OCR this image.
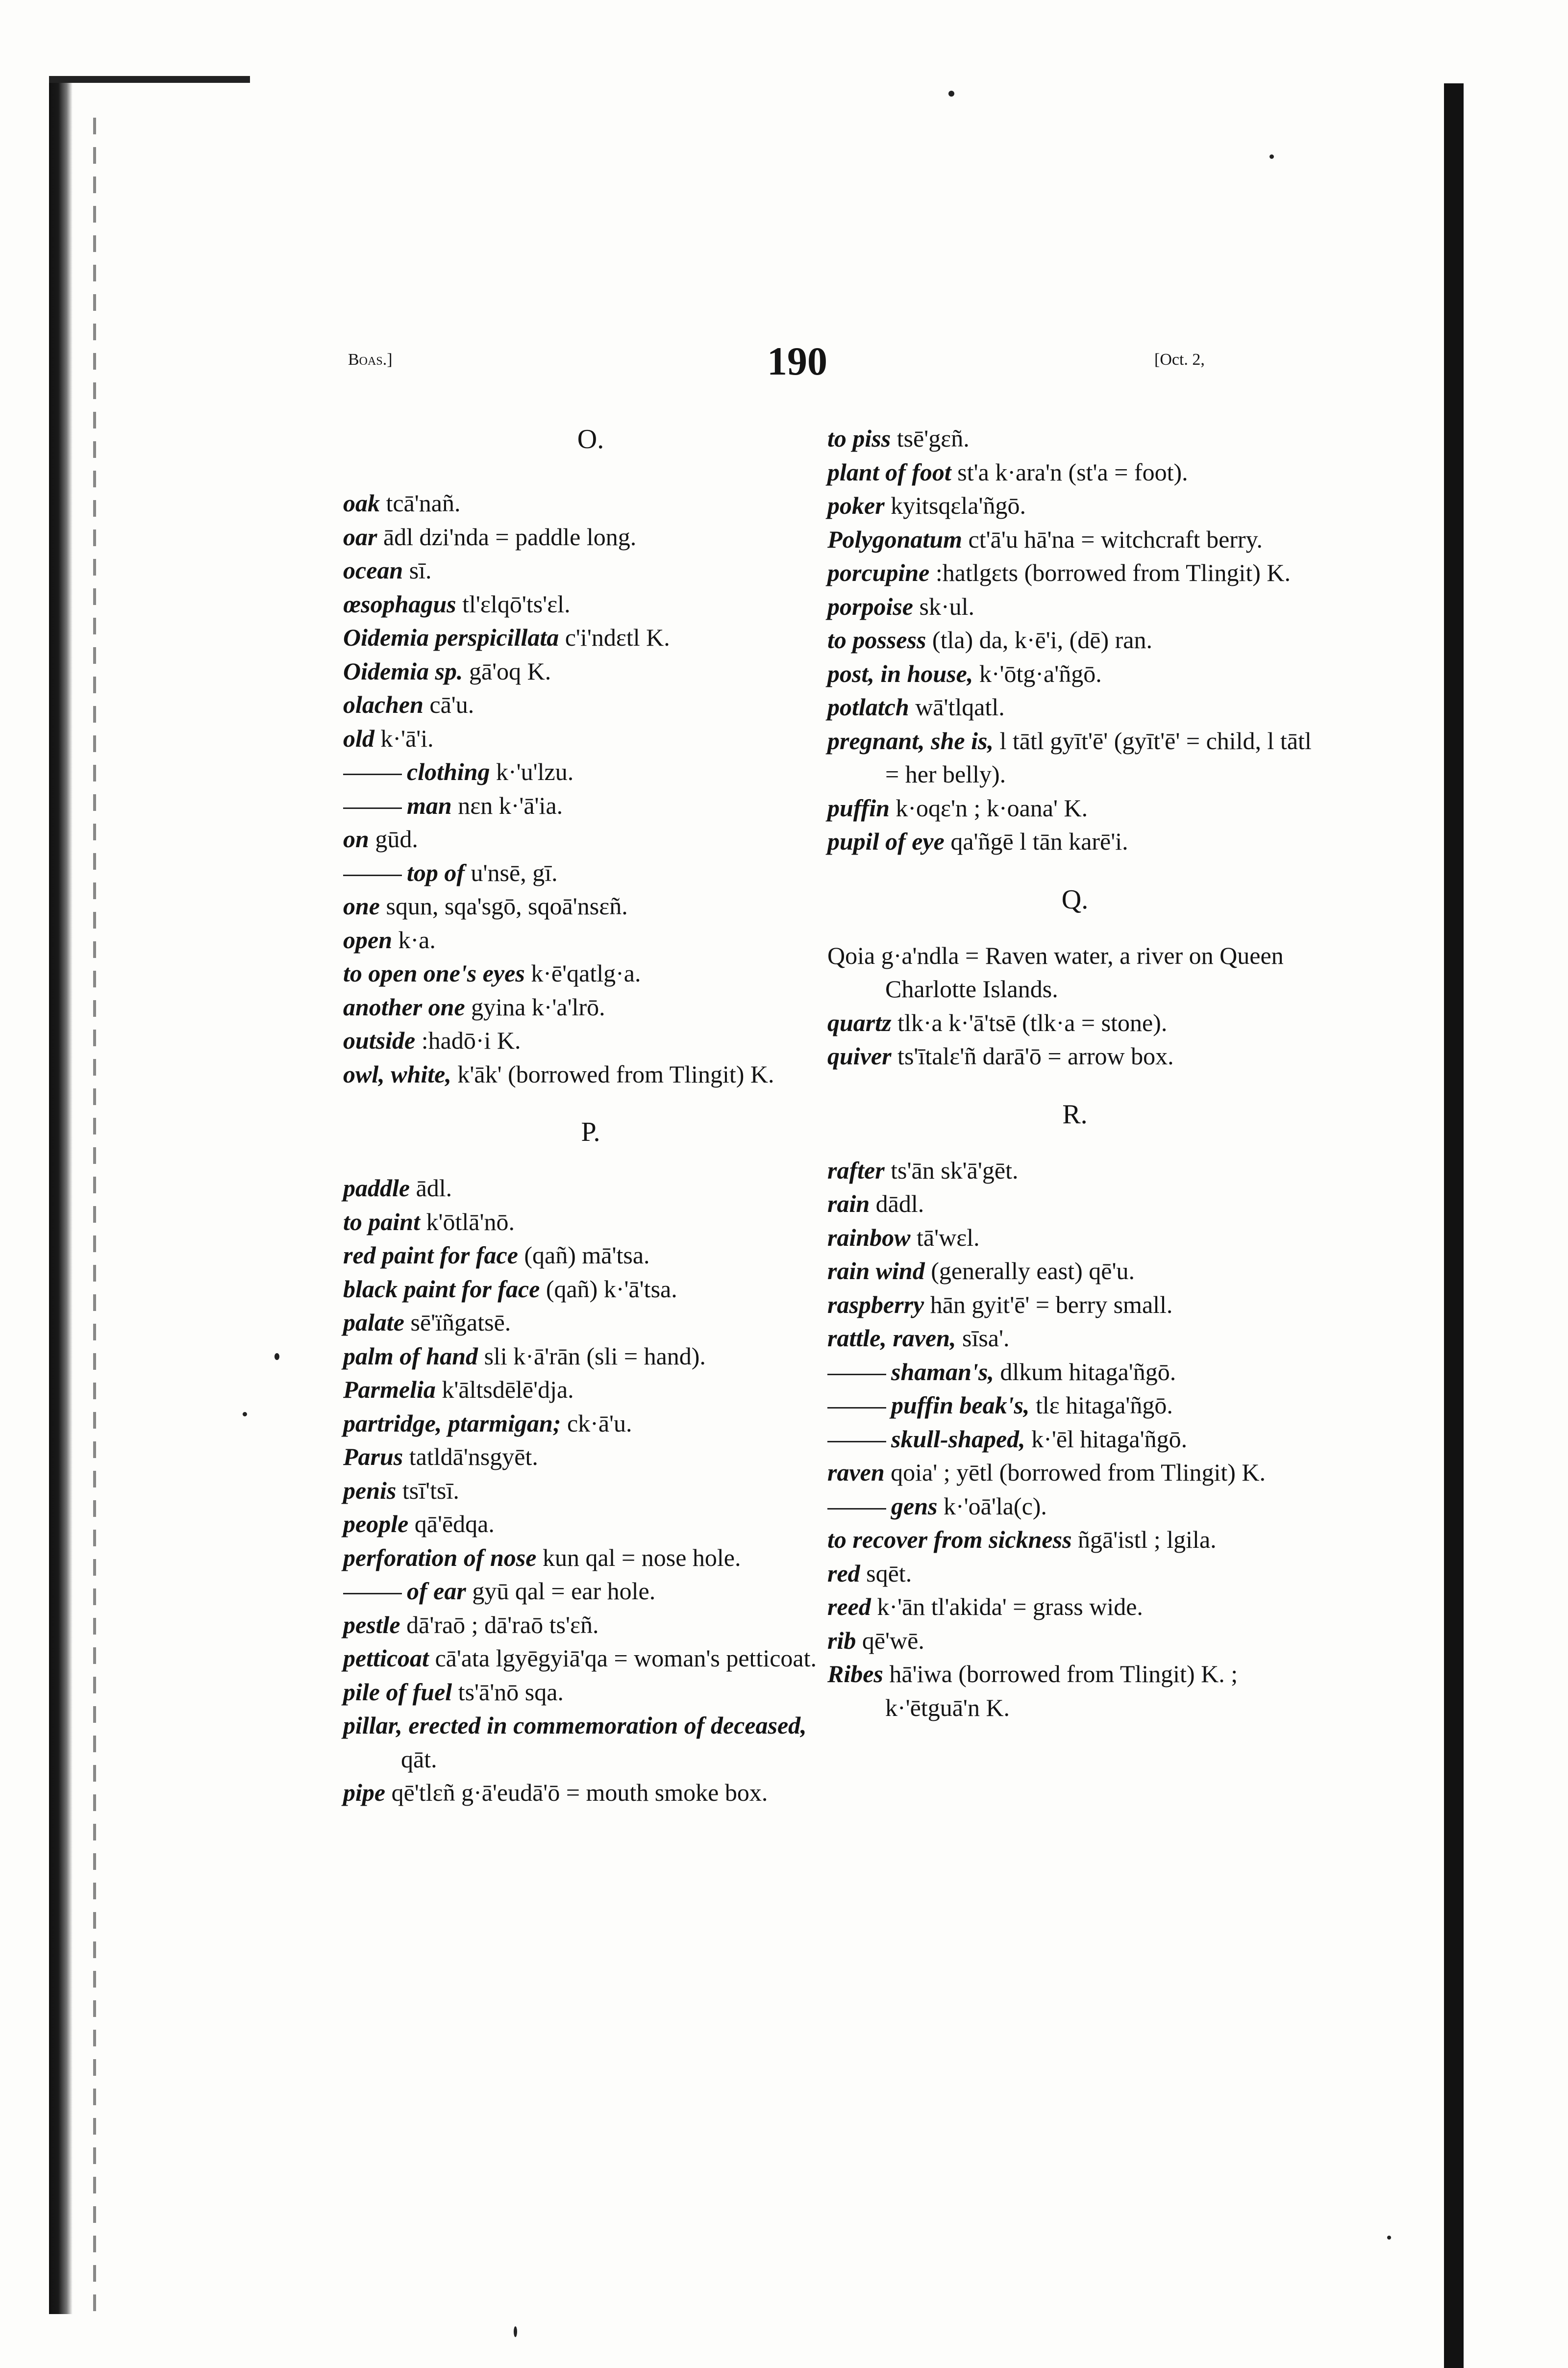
Boas.]	190	[Oct. 2,

O.

oak tcā'nañ.

oar ādl dzi'nda = paddle long.

ocean sī.

œsophagus tl'ɛlqō'ts'ɛl.

Oidemia perspicillata c'i'ndɛtl K.

Oidemia sp. gā'oq K.

olachen cā'u.

old k·'ā'i.

clothing k·'u'lzu.

man nɛn k·'ā'ia.

on gūd.

top of u'nsē, gī.

one squn, sqa'sgō, sqoā'nsɛñ.

open k·a.

to open one's eyes k·ē'qatlg·a.

another one gyina k·'a'lrō.

outside :hadō·i K.

owl, white, k'āk' (borrowed from Tlingit) K.

P.

paddle ādl.

to paint k'ōtlā'nō.

red paint for face (qañ) mā'tsa.

black paint for face (qañ) k·'ā'tsa.

palate sē'ïñgatsē.

palm of hand sli k·ā'rān (sli = hand).

Parmelia k'āltsdēlē'dja.

partridge, ptarmigan; ck·ā'u.

Parus tatldā'nsgyēt.

penis tsī'tsī.

people qā'ēdqa.

perforation of nose kun qal = nose hole.

of ear gyū qal = ear hole.

pestle dā'raō ; dā'raō ts'ɛñ.

petticoat cā'ata lgyēgyiā'qa = woman's petticoat.

pile of fuel ts'ā'nō sqa.

pillar, erected in commemoration of deceased, qāt.

pipe qē'tlɛñ g·ā'eudā'ō = mouth smoke box.

to piss tsē'gɛñ.

plant of foot st'a k·ara'n (st'a = foot).

poker kyitsqɛla'ñgō.

Polygonatum ct'ā'u hā'na = witchcraft berry.

porcupine :hatlgɛts (borrowed from Tlingit) K.

porpoise sk·ul.

to possess (tla) da, k·ē'i, (dē) ran.

post, in house, k·'ōtg·a'ñgō.

potlatch wā'tlqatl.

pregnant, she is, l tātl gyīt'ē' (gyīt'ē' = child, l tātl = her belly).

puffin k·oqɛ'n ; k·oana' K.

pupil of eye qa'ñgē l tān karē'i.

Q.

Qoia g·a'ndla = Raven water, a river on Queen Charlotte Islands.

quartz tlk·a k·'ā'tsē (tlk·a = stone).

quiver ts'ītalɛ'ñ darā'ō = arrow box.

R.

rafter ts'ān sk'ā'gēt.

rain dādl.

rainbow tā'wɛl.

rain wind (generally east) qē'u.

raspberry hān gyit'ē' = berry small.

rattle, raven, sīsa'.

shaman's, dlkum hitaga'ñgō.

puffin beak's, tlɛ hitaga'ñgō.

skull-shaped, k·'ēl hitaga'ñgō.

raven qoia' ; yētl (borrowed from Tlingit) K.

gens k·'oā'la(c).

to recover from sickness ñgā'istl ; lgila.

red sqēt.

reed k·'ān tl'akida' = grass wide.

rib qē'wē.

Ribes hā'iwa (borrowed from Tlingit) K. ; k·'ētguā'n K.
